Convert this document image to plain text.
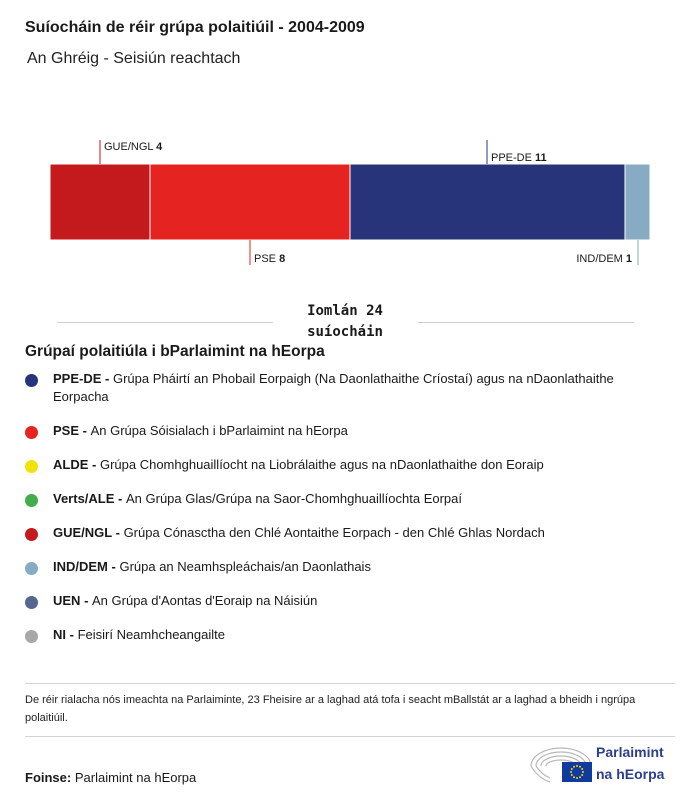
Suíocháin de réir grúpa polaitiúil - 2004-2009
An Ghréig - Seisiún reachtach
GUE/NGL 4
PSE 8
PPE-DE 11
IND/DEM 1
Iomlán 24
suíocháin
Grúpaí polaitiúla i bParlaimint na hEorpa
PPE-DE - Grúpa Pháirtí an Phobail Eorpaigh (Na Daonlathaithe Críostaí) agus na nDaonlathaithe Eorpacha
PSE - An Grúpa Sóisialach i bParlaimint na hEorpa
ALDE - Grúpa Chomhghuaillíocht na Liobrálaithe agus na nDaonlathaithe don Eoraip
Verts/ALE - An Grúpa Glas/Grúpa na Saor-Chomhghuaillíochta Eorpaí
GUE/NGL - Grúpa Cónasctha den Chlé Aontaithe Eorpach - den Chlé Ghlas Nordach
IND/DEM - Grúpa an Neamhspleáchais/an Daonlathais
UEN - An Grúpa d'Aontas d'Eoraip na Náisiún
NI - Feisirí Neamhcheangailte
De réir rialacha nós imeachta na Parlaiminte, 23 Fheisire ar a laghad atá tofa i seacht mBallstát ar a laghad a bheidh i ngrúpa polaitiúil.
Foinse: Parlaimint na hEorpa
Parlaimint
na hEorpa
